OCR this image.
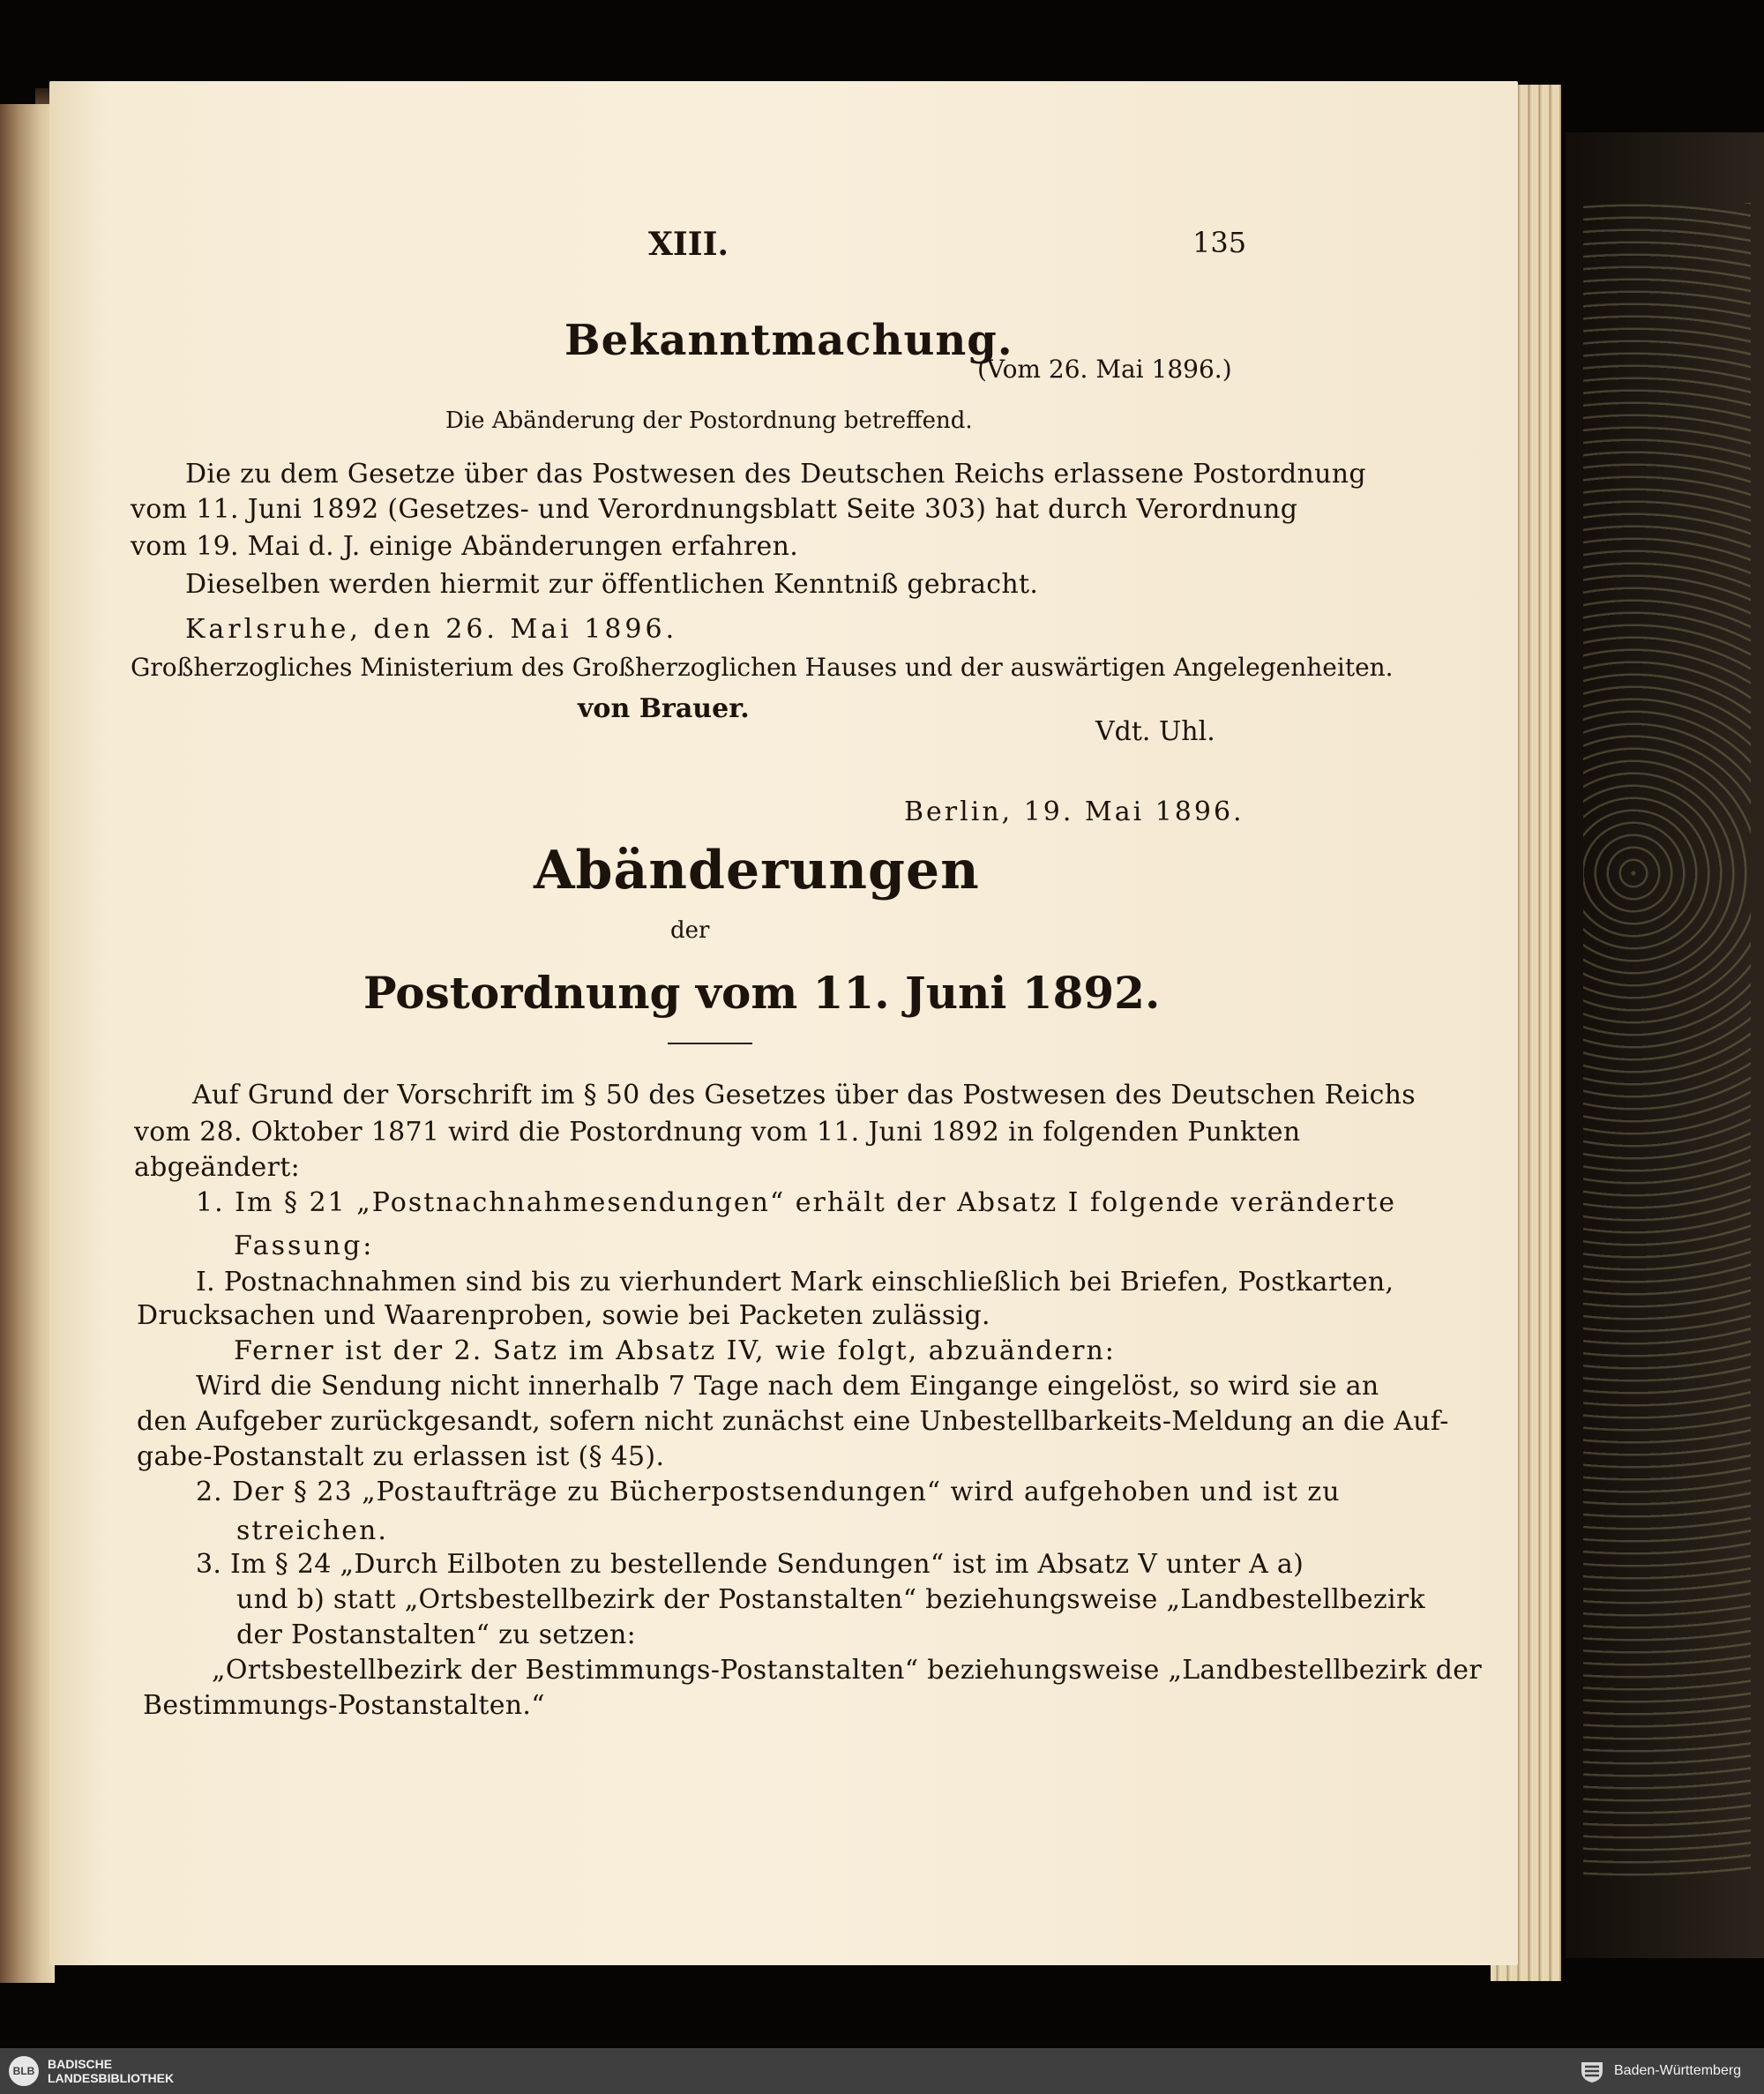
XIII.	135
Bekanntmachung.
(Vom 26. Mai 1896.)
Die Abänderung der Postordnung betreffend.
Die zu dem Gesetze über das Postwesen des Deutschen Reichs erlassene Postordnung
vom 11. Juni 1892 (Gesetzes- und Verordnungsblatt Seite 303) hat durch Verordnung
vom 19. Mai d. J. einige Abänderungen erfahren.
Dieselben werden hiermit zur öffentlichen Kenntniß gebracht.
Karlsruhe, den 26. Mai 1896.
Großherzogliches Ministerium des Großherzoglichen Hauses und der auswärtigen Angelegenheiten.
von Brauer.
Vdt. Uhl.
Berlin, 19. Mai 1896.
Abänderungen
der
Postordnung vom 11. Juni 1892.
Auf Grund der Vorschrift im § 50 des Gesetzes über das Postwesen des Deutschen Reichs
vom 28. Oktober 1871 wird die Postordnung vom 11. Juni 1892 in folgenden Punkten
abgeändert:
1. Im § 21 „Postnachnahmesendungen“ erhält der Absatz I folgende veränderte
Fassung:
I. Postnachnahmen sind bis zu vierhundert Mark einschließlich bei Briefen, Postkarten,
Drucksachen und Waarenproben, sowie bei Packeten zulässig.
Ferner ist der 2. Satz im Absatz IV, wie folgt, abzuändern:
Wird die Sendung nicht innerhalb 7 Tage nach dem Eingange eingelöst, so wird sie an
den Aufgeber zurückgesandt, sofern nicht zunächst eine Unbestellbarkeits-Meldung an die Auf-
gabe-Postanstalt zu erlassen ist (§ 45).
2. Der § 23 „Postaufträge zu Bücherpostsendungen“ wird aufgehoben und ist zu
streichen.
3. Im § 24 „Durch Eilboten zu bestellende Sendungen“ ist im Absatz V unter A a)
und b) statt „Ortsbestellbezirk der Postanstalten“ beziehungsweise „Landbestellbezirk
der Postanstalten“ zu setzen:
„Ortsbestellbezirk der Bestimmungs-Postanstalten“ beziehungsweise „Landbestellbezirk der
Bestimmungs-Postanstalten.“
BLB	BADISCHE
LANDESBIBLIOTHEK	Baden-Württemberg
